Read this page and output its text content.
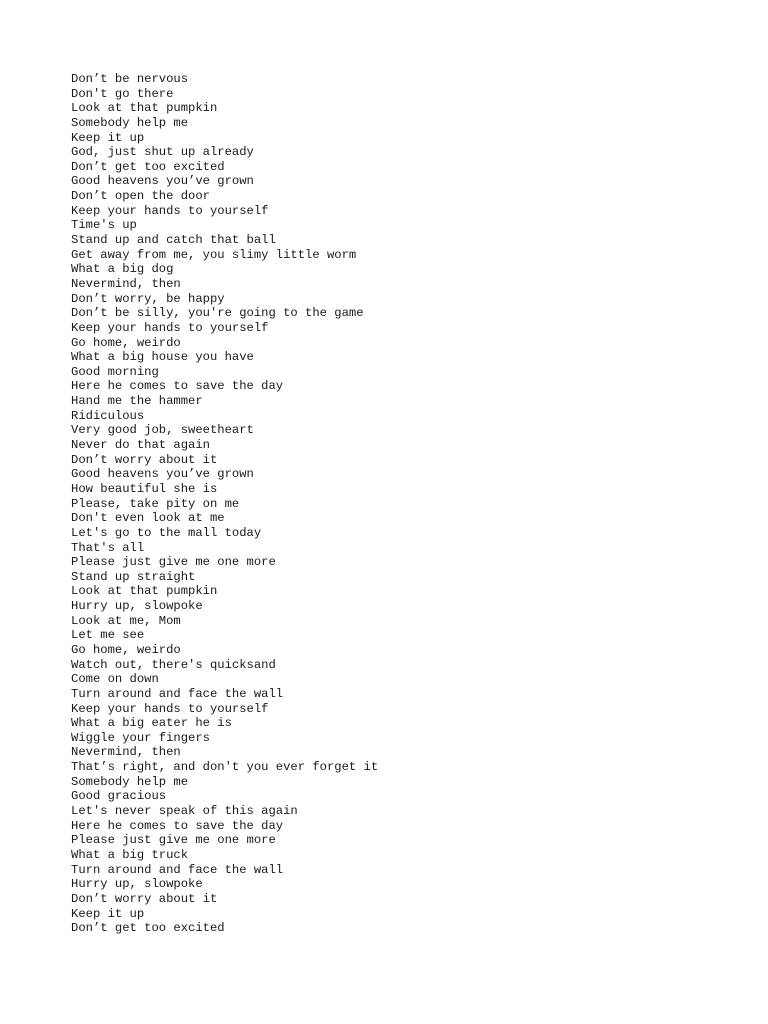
Don’t be nervous
Don't go there
Look at that pumpkin
Somebody help me
Keep it up
God, just shut up already
Don’t get too excited
Good heavens you’ve grown
Don’t open the door
Keep your hands to yourself
Time's up
Stand up and catch that ball
Get away from me, you slimy little worm
What a big dog
Nevermind, then
Don’t worry, be happy
Don’t be silly, you're going to the game
Keep your hands to yourself
Go home, weirdo
What a big house you have
Good morning
Here he comes to save the day
Hand me the hammer
Ridiculous
Very good job, sweetheart
Never do that again
Don’t worry about it
Good heavens you’ve grown
How beautiful she is
Please, take pity on me
Don't even look at me
Let's go to the mall today
That's all
Please just give me one more
Stand up straight
Look at that pumpkin
Hurry up, slowpoke
Look at me, Mom
Let me see
Go home, weirdo
Watch out, there's quicksand
Come on down
Turn around and face the wall
Keep your hands to yourself
What a big eater he is
Wiggle your fingers
Nevermind, then
That’s right, and don't you ever forget it
Somebody help me
Good gracious
Let's never speak of this again
Here he comes to save the day
Please just give me one more
What a big truck
Turn around and face the wall
Hurry up, slowpoke
Don’t worry about it
Keep it up
Don’t get too excited
